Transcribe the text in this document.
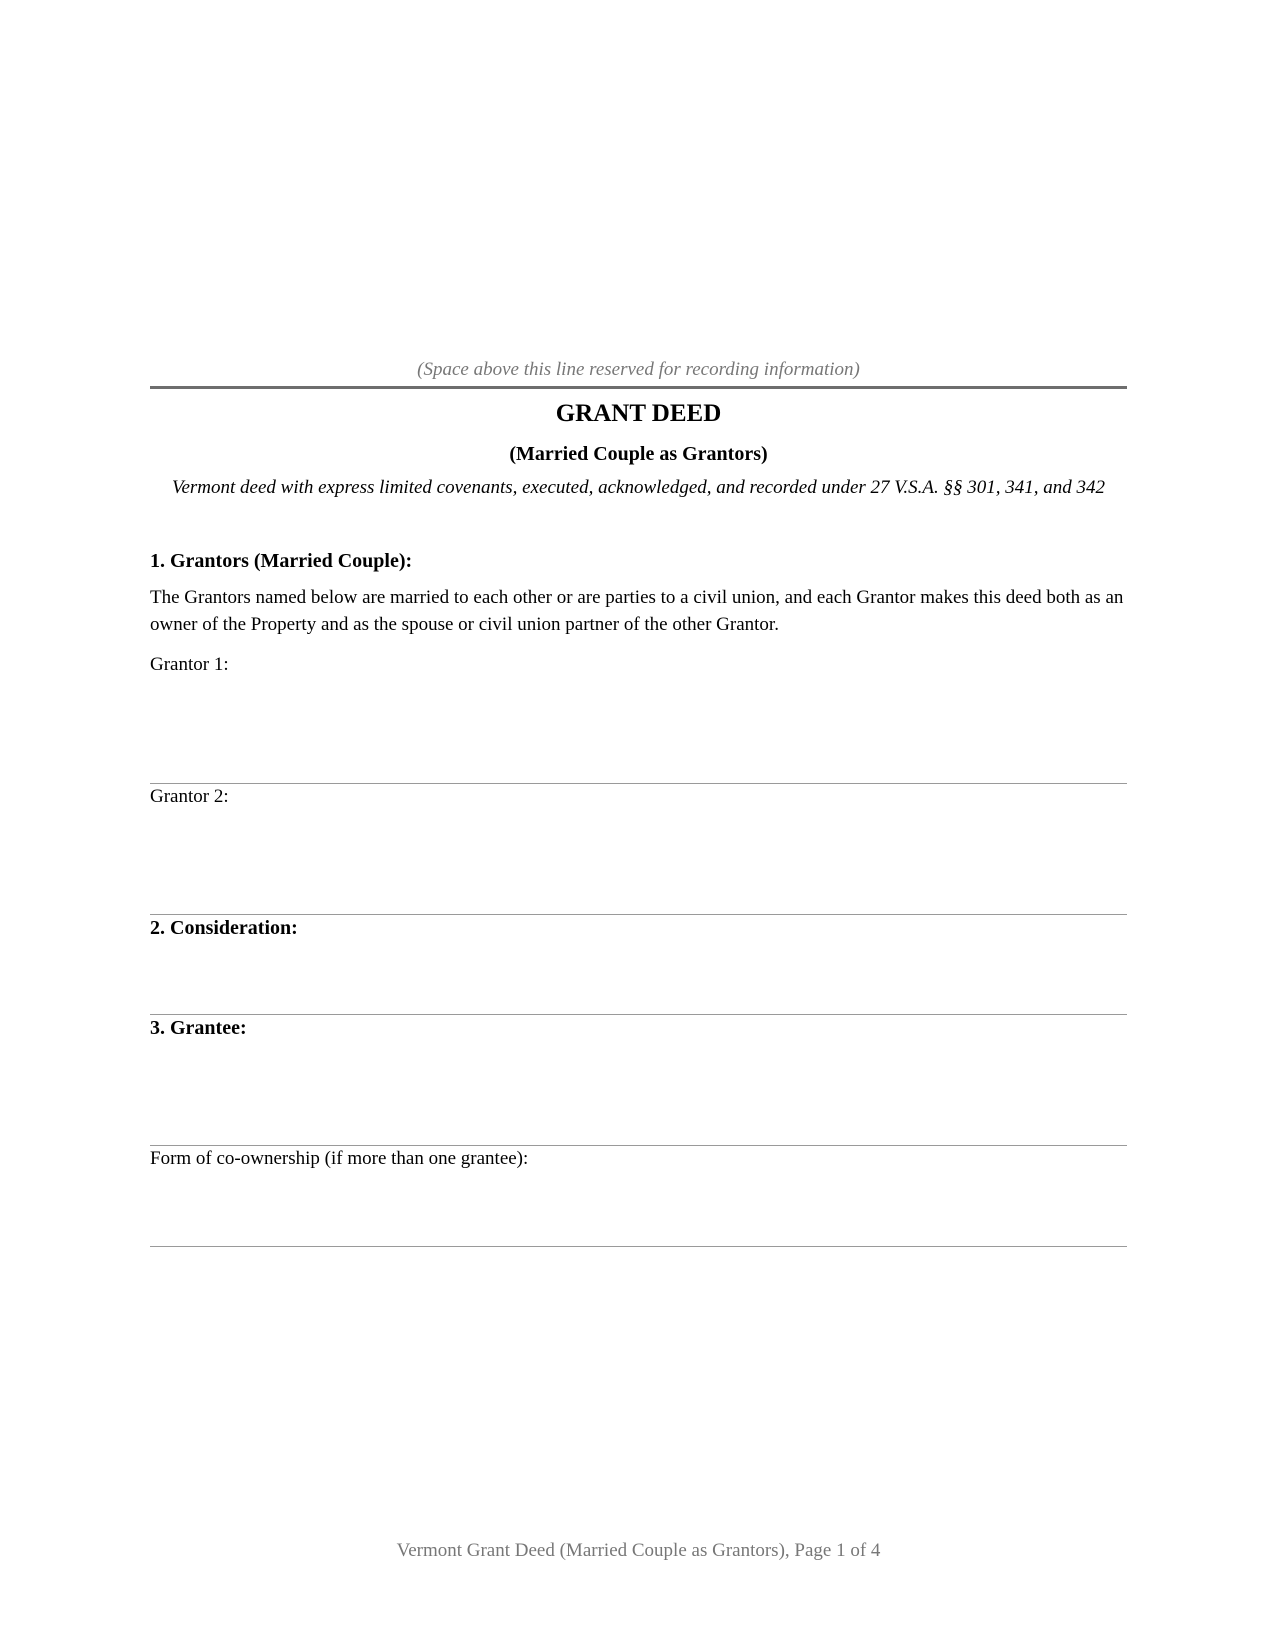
(Space above this line reserved for recording information)
GRANT DEED
(Married Couple as Grantors)
Vermont deed with express limited covenants, executed, acknowledged, and recorded under 27 V.S.A. §§ 301, 341, and 342
1. Grantors (Married Couple):
The Grantors named below are married to each other or are parties to a civil union, and each Grantor makes this deed both as an owner of the Property and as the spouse or civil union partner of the other Grantor.
Grantor 1:
Grantor 2:
2. Consideration:
3. Grantee:
Form of co-ownership (if more than one grantee):
Vermont Grant Deed (Married Couple as Grantors), Page 1 of 4
